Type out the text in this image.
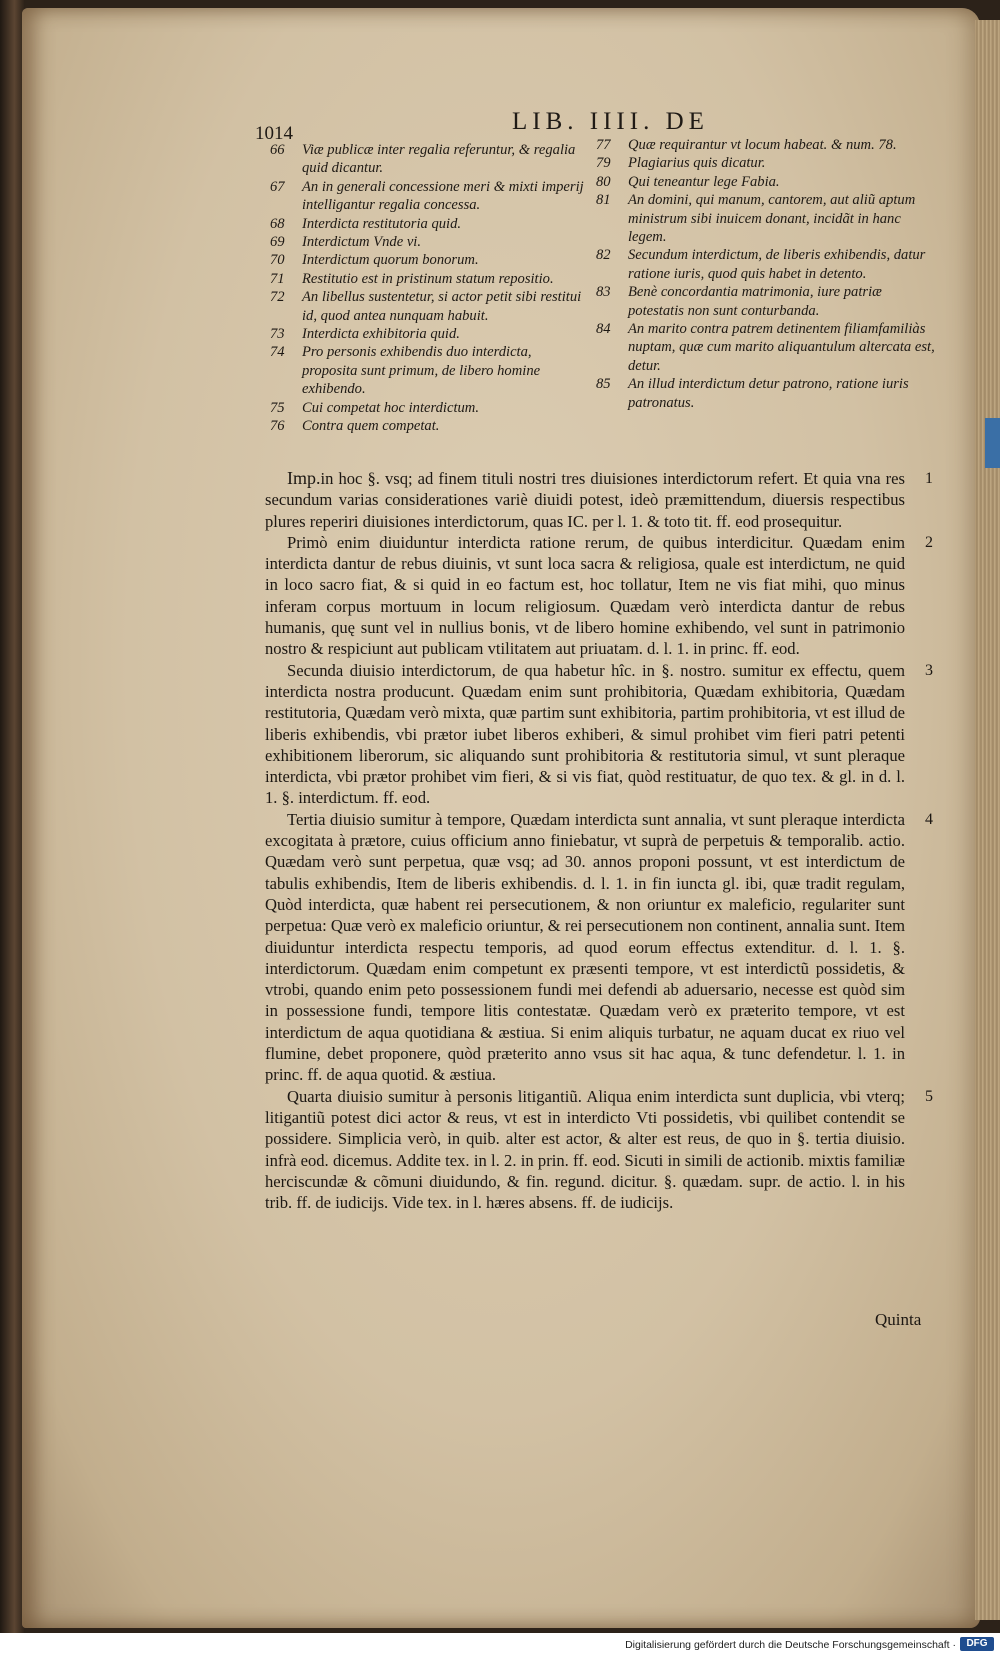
1014	LIB. IIII. DE
66 Viæ publicæ inter regalia referuntur, & regalia quid dicantur.
67 An in generali concessione meri & mixti imperij intelligantur regalia concessa.
68 Interdicta restitutoria quid.
69 Interdictum Vnde vi.
70 Interdictum quorum bonorum.
71 Restitutio est in pristinum statum repositio.
72 An libellus sustentetur, si actor petit sibi restitui id, quod antea nunquam habuit.
73 Interdicta exhibitoria quid.
74 Pro personis exhibendis duo interdicta, proposita sunt primum, de libero homine exhibendo.
75 Cui competat hoc interdictum.
76 Contra quem competat.
77 Quæ requirantur vt locum habeat. & num. 78.
79 Plagiarius quis dicatur.
80 Qui teneantur lege Fabia.
81 An domini, qui manum, cantorem, aut aliũ aptum ministrum sibi inuicem donant, incidãt in hanc legem.
82 Secundum interdictum, de liberis exhibendis, datur ratione iuris, quod quis habet in detento.
83 Benè concordantia matrimonia, iure patriæ potestatis non sunt conturbanda.
84 An marito contra patrem detinentem filiamfamiliàs nuptam, quæ cum marito aliquantulum altercata est, detur.
85 An illud interdictum detur patrono, ratione iuris patronatus.

Imp.in hoc §. vsq; ad finem tituli nostri tres diuisiones interdictorum refert. Et quia vna res secundum varias considerationes variè diuidi potest, ideò præmittendum, diuersis respectibus plures reperiri diuisiones interdictorum, quas IC. per l. 1. & toto tit. ff. eod prosequitur.
1

Primò enim diuiduntur interdicta ratione rerum, de quibus interdicitur. Quædam enim interdicta dantur de rebus diuinis, vt sunt loca sacra & religiosa, quale est interdictum, ne quid in loco sacro fiat, & si quid in eo factum est, hoc tollatur, Item ne vis fiat mihi, quo minus inferam corpus mortuum in locum religiosum. Quædam verò interdicta dantur de rebus humanis, quę sunt vel in nullius bonis, vt de libero homine exhibendo, vel sunt in patrimonio nostro & respiciunt aut publicam vtilitatem aut priuatam. d. l. 1. in princ. ff. eod.
2

Secunda diuisio interdictorum, de qua habetur hîc. in §. nostro. sumitur ex effectu, quem interdicta nostra producunt. Quædam enim sunt prohibitoria, Quædam exhibitoria, Quædam restitutoria, Quædam verò mixta, quæ partim sunt exhibitoria, partim prohibitoria, vt est illud de liberis exhibendis, vbi prætor iubet liberos exhiberi, & simul prohibet vim fieri patri petenti exhibitionem liberorum, sic aliquando sunt prohibitoria & restitutoria simul, vt sunt pleraque interdicta, vbi prætor prohibet vim fieri, & si vis fiat, quòd restituatur, de quo tex. & gl. in d. l. 1. §. interdictum. ff. eod.
3

Tertia diuisio sumitur à tempore, Quædam interdicta sunt annalia, vt sunt pleraque interdicta excogitata à prætore, cuius officium anno finiebatur, vt suprà de perpetuis & temporalib. actio. Quædam verò sunt perpetua, quæ vsq; ad 30. annos proponi possunt, vt est interdictum de tabulis exhibendis, Item de liberis exhibendis. d. l. 1. in fin iuncta gl. ibi, quæ tradit regulam, Quòd interdicta, quæ habent rei persecutionem, & non oriuntur ex maleficio, regulariter sunt perpetua: Quæ verò ex maleficio oriuntur, & rei persecutionem non continent, annalia sunt. Item diuiduntur interdicta respectu temporis, ad quod eorum effectus extenditur. d. l. 1. §. interdictorum. Quædam enim competunt ex præsenti tempore, vt est interdictũ possidetis, & vtrobi, quando enim peto possessionem fundi mei defendi ab aduersario, necesse est quòd sim in possessione fundi, tempore litis contestatæ. Quædam verò ex præterito tempore, vt est interdictum de aqua quotidiana & æstiua. Si enim aliquis turbatur, ne aquam ducat ex riuo vel flumine, debet proponere, quòd præterito anno vsus sit hac aqua, & tunc defendetur. l. 1. in princ. ff. de aqua quotid. & æstiua.
4

Quarta diuisio sumitur à personis litigantiũ. Aliqua enim interdicta sunt duplicia, vbi vterq; litigantiũ potest dici actor & reus, vt est in interdicto Vti possidetis, vbi quilibet contendit se possidere. Simplicia verò, in quib. alter est actor, & alter est reus, de quo in §. tertia diuisio. infrà eod. dicemus. Addite tex. in l. 2. in prin. ff. eod. Sicuti in simili de actionib. mixtis familiæ herciscundæ & cõmuni diuidundo, & fin. regund. dicitur. §. quædam. supr. de actio. l. in his trib. ff. de iudicijs. Vide tex. in l. hæres absens. ff. de iudicijs.
5

Quinta
Digitalisierung gefördert durch die Deutsche Forschungsgemeinschaft ·	DFG
